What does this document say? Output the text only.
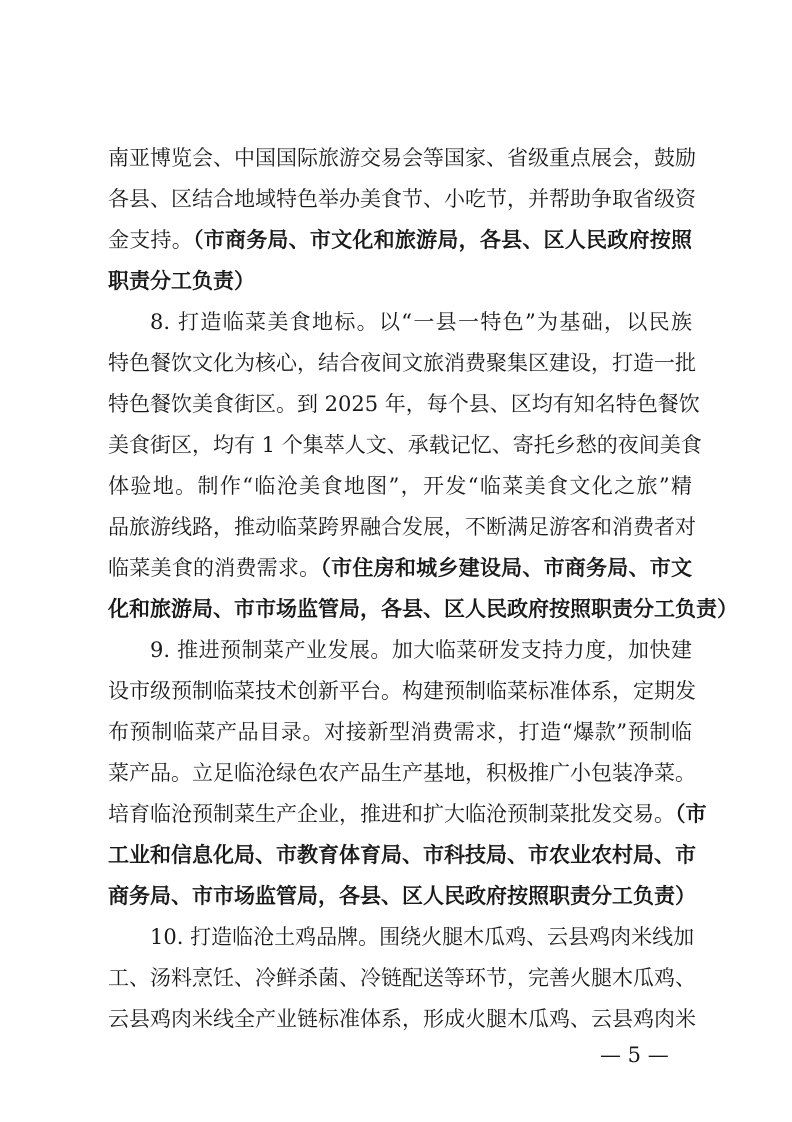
南亚博览会、中国国际旅游交易会等国家、省级重点展会，鼓励
各县、区结合地域特色举办美食节、小吃节，并帮助争取省级资
金支持。（市商务局、市文化和旅游局，各县、区人民政府按照
职责分工负责）
8. 打造临菜美食地标。以“一县一特色”为基础，以民族
特色餐饮文化为核心，结合夜间文旅消费聚集区建设，打造一批
特色餐饮美食街区。到 2025 年，每个县、区均有知名特色餐饮
美食街区，均有 1 个集萃人文、承载记忆、寄托乡愁的夜间美食
体验地。制作“临沧美食地图”，开发“临菜美食文化之旅”精
品旅游线路，推动临菜跨界融合发展，不断满足游客和消费者对
临菜美食的消费需求。（市住房和城乡建设局、市商务局、市文
化和旅游局、市市场监管局，各县、区人民政府按照职责分工负责）
9. 推进预制菜产业发展。加大临菜研发支持力度，加快建
设市级预制临菜技术创新平台。构建预制临菜标准体系，定期发
布预制临菜产品目录。对接新型消费需求，打造“爆款”预制临
菜产品。立足临沧绿色农产品生产基地，积极推广小包装净菜。
培育临沧预制菜生产企业，推进和扩大临沧预制菜批发交易。（市
工业和信息化局、市教育体育局、市科技局、市农业农村局、市
商务局、市市场监管局，各县、区人民政府按照职责分工负责）
10. 打造临沧土鸡品牌。围绕火腿木瓜鸡、云县鸡肉米线加
工、汤料烹饪、冷鲜杀菌、冷链配送等环节，完善火腿木瓜鸡、
云县鸡肉米线全产业链标准体系，形成火腿木瓜鸡、云县鸡肉米
— 5 —
